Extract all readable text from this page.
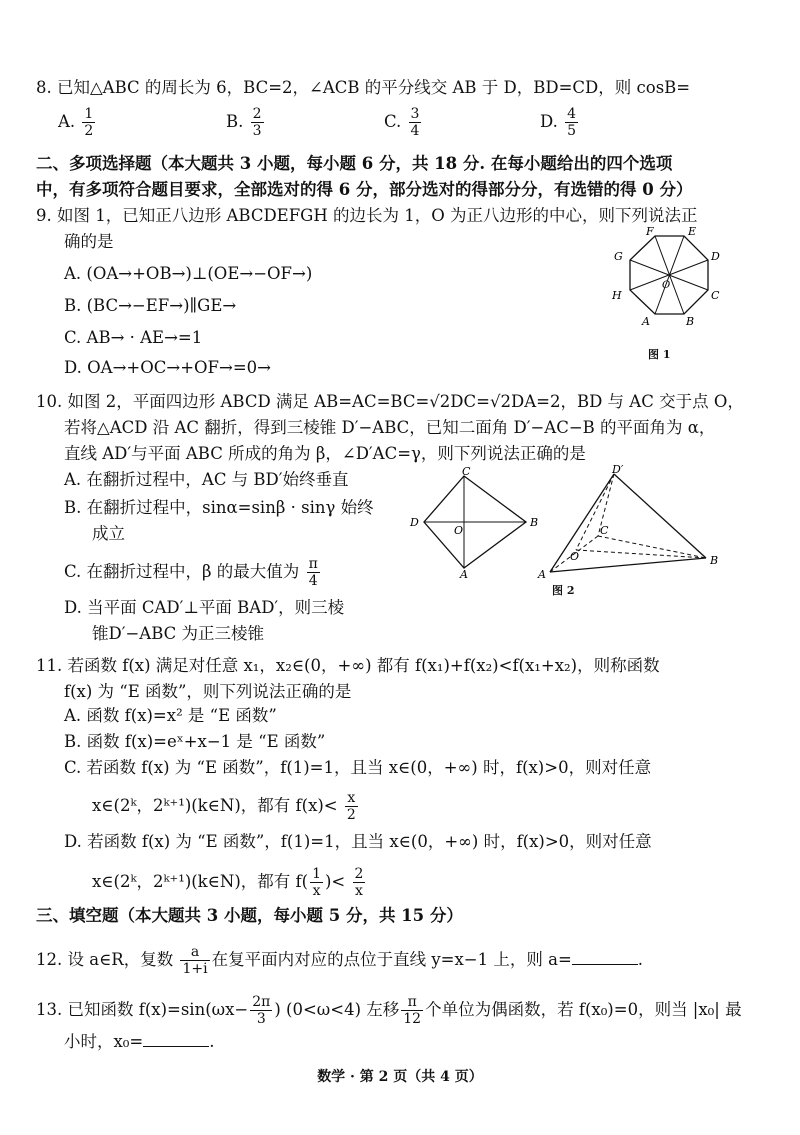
8. 已知△ABC 的周长为 6，BC=2，∠ACB 的平分线交 AB 于 D，BD=CD，则 cosB=
A. $\frac{1}{2}$	B. $\frac{2}{3}$	C. $\frac{3}{4}$	D. $\frac{4}{5}$
二、多项选择题（本大题共 3 小题，每小题 6 分，共 18 分. 在每小题给出的四个选项
中，有多项符合题目要求，全部选对的得 6 分，部分选对的得部分分，有选错的得 0 分）
9. 如图 1，已知正八边形 ABCDEFGH 的边长为 1，O 为正八边形的中心，则下列说法正
确的是
A. (OA→+OB→)⊥(OE→−OF→)
B. (BC→−EF→)∥GE→
C. AB→ · AE→=1
D. OA→+OC→+OF→=0→
F	E
D
C
B
A
H
G
O
图 1
10. 如图 2，平面四边形 ABCD 满足 AB=AC=BC=√2DC=√2DA=2，BD 与 AC 交于点 O，
若将△ACD 沿 AC 翻折，得到三棱锥 D′−ABC，已知二面角 D′−AC−B 的平面角为 α，
直线 AD′与平面 ABC 所成的角为 β，∠D′AC=γ，则下列说法正确的是
A. 在翻折过程中，AC 与 BD′始终垂直
B. 在翻折过程中，sinα=sinβ · sinγ 始终
成立
C. 在翻折过程中，β 的最大值为 $\frac{\pi}{4}$
D. 当平面 CAD′⊥平面 BAD′，则三棱
锥D′−ABC 为正三棱锥
C
D
O
B
A
D′
C
O
A
B
图 2
11. 若函数 f(x) 满足对任意 x₁，x₂∈(0，+∞) 都有 f(x₁)+f(x₂)<f(x₁+x₂)，则称函数
f(x) 为 “E 函数”，则下列说法正确的是
A. 函数 f(x)=x² 是 “E 函数”
B. 函数 f(x)=eˣ+x−1 是 “E 函数”
C. 若函数 f(x) 为 “E 函数”，f(1)=1，且当 x∈(0，+∞) 时，f(x)>0，则对任意
x∈(2ᵏ，2ᵏ⁺¹)(k∈N)，都有 $f(x)< \frac{x}{2}$
D. 若函数 f(x) 为 “E 函数”，f(1)=1，且当 x∈(0，+∞) 时，f(x)>0，则对任意
x∈(2ᵏ，2ᵏ⁺¹)(k∈N)，都有 $f( \frac{1}{x}$ )< $\frac{2}{x}$
三、填空题（本大题共 3 小题，每小题 5 分，共 15 分）
12. 设 a∈R，复数 $\frac{a}{1+i}$ 在复平面内对应的点位于直线 y=x−1 上，则 a=	.
13. 已知函数 $f(x)=\sin(\omega x- \frac{2\pi}{3}$ ) (0<ω<4) 左移 $\frac{\pi}{12}$ 个单位为偶函数，若 f(x₀)=0，则当 |x₀| 最
小时，x₀=	.
数学 · 第 2 页（共 4 页）
